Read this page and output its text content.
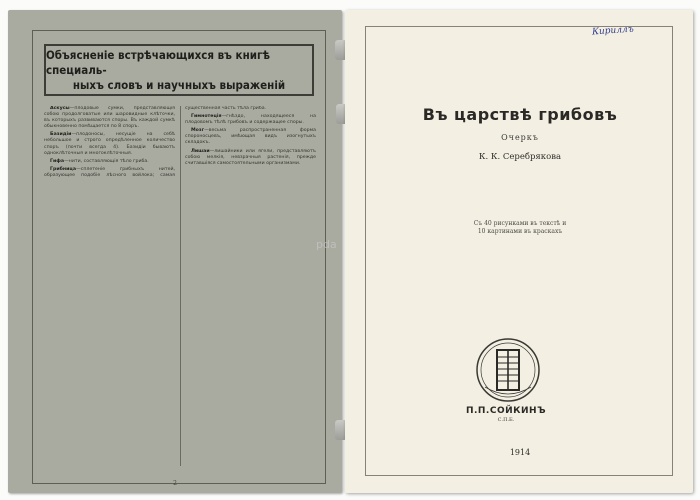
Объясненіе встрѣчающихся въ книгѣ специаль-
ныхъ словъ и научныхъ выраженій

Аскусы—плодовые сумки, представляющія собою продолговатые или шаровидные клѣточки, въ которыхъ развиваются споры. Въ каждой сумкѣ обыкновенно помѣщается по 8 споръ.

Базидіи—плодоносы, несущіе на себѣ небольшое и строго опредѣленное количество споръ (почти всегда 4). Базидіи бываютъ одноклѣточныя и многоклѣточныя.

Гифа—нити, составляющія тѣло гриба.

Грибница—сплетеніе грибныхъ нитей, образующее подобіе лѣсного войлока; самая существенная часть тѣла гриба.

Гимнотеція—гнѣздо, находящееся на плодовомъ тѣлѣ грибовъ и содержащее споры.

Мозг—весьма распространенная форма спороносцевъ, имѣющая видъ изогнутыхъ складокъ.

Лишаи—лишайники или ягели, представляютъ собою мелкія, невзрачныя растенія, прежде считавшіяся самостоятельными организмами.

2
Въ царствѣ грибовъ
Очеркъ
К. К. Серебрякова
Съ 40 рисунками въ текстѣ и
10 картинами въ краскахъ
П.П.СОЙКИНЪ
С.П.Б.
1914
Кириллъ
pda
